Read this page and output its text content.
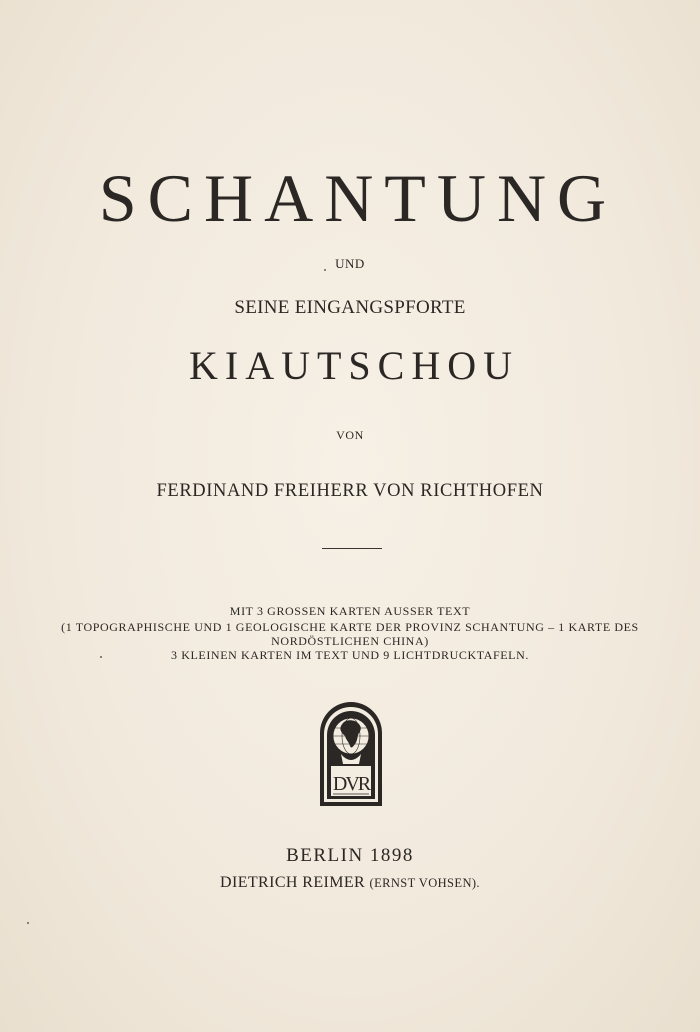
SCHANTUNG
UND
SEINE EINGANGSPFORTE
KIAUTSCHOU
VON
FERDINAND FREIHERR VON RICHTHOFEN
MIT 3 GROSSEN KARTEN AUSSER TEXT
(1 TOPOGRAPHISCHE UND 1 GEOLOGISCHE KARTE DER PROVINZ SCHANTUNG – 1 KARTE DES
NORDÖSTLICHEN CHINA)
3 KLEINEN KARTEN IM TEXT UND 9 LICHTDRUCKTAFELN.
DVR
BERLIN 1898
DIETRICH REIMER (ERNST VOHSEN).
